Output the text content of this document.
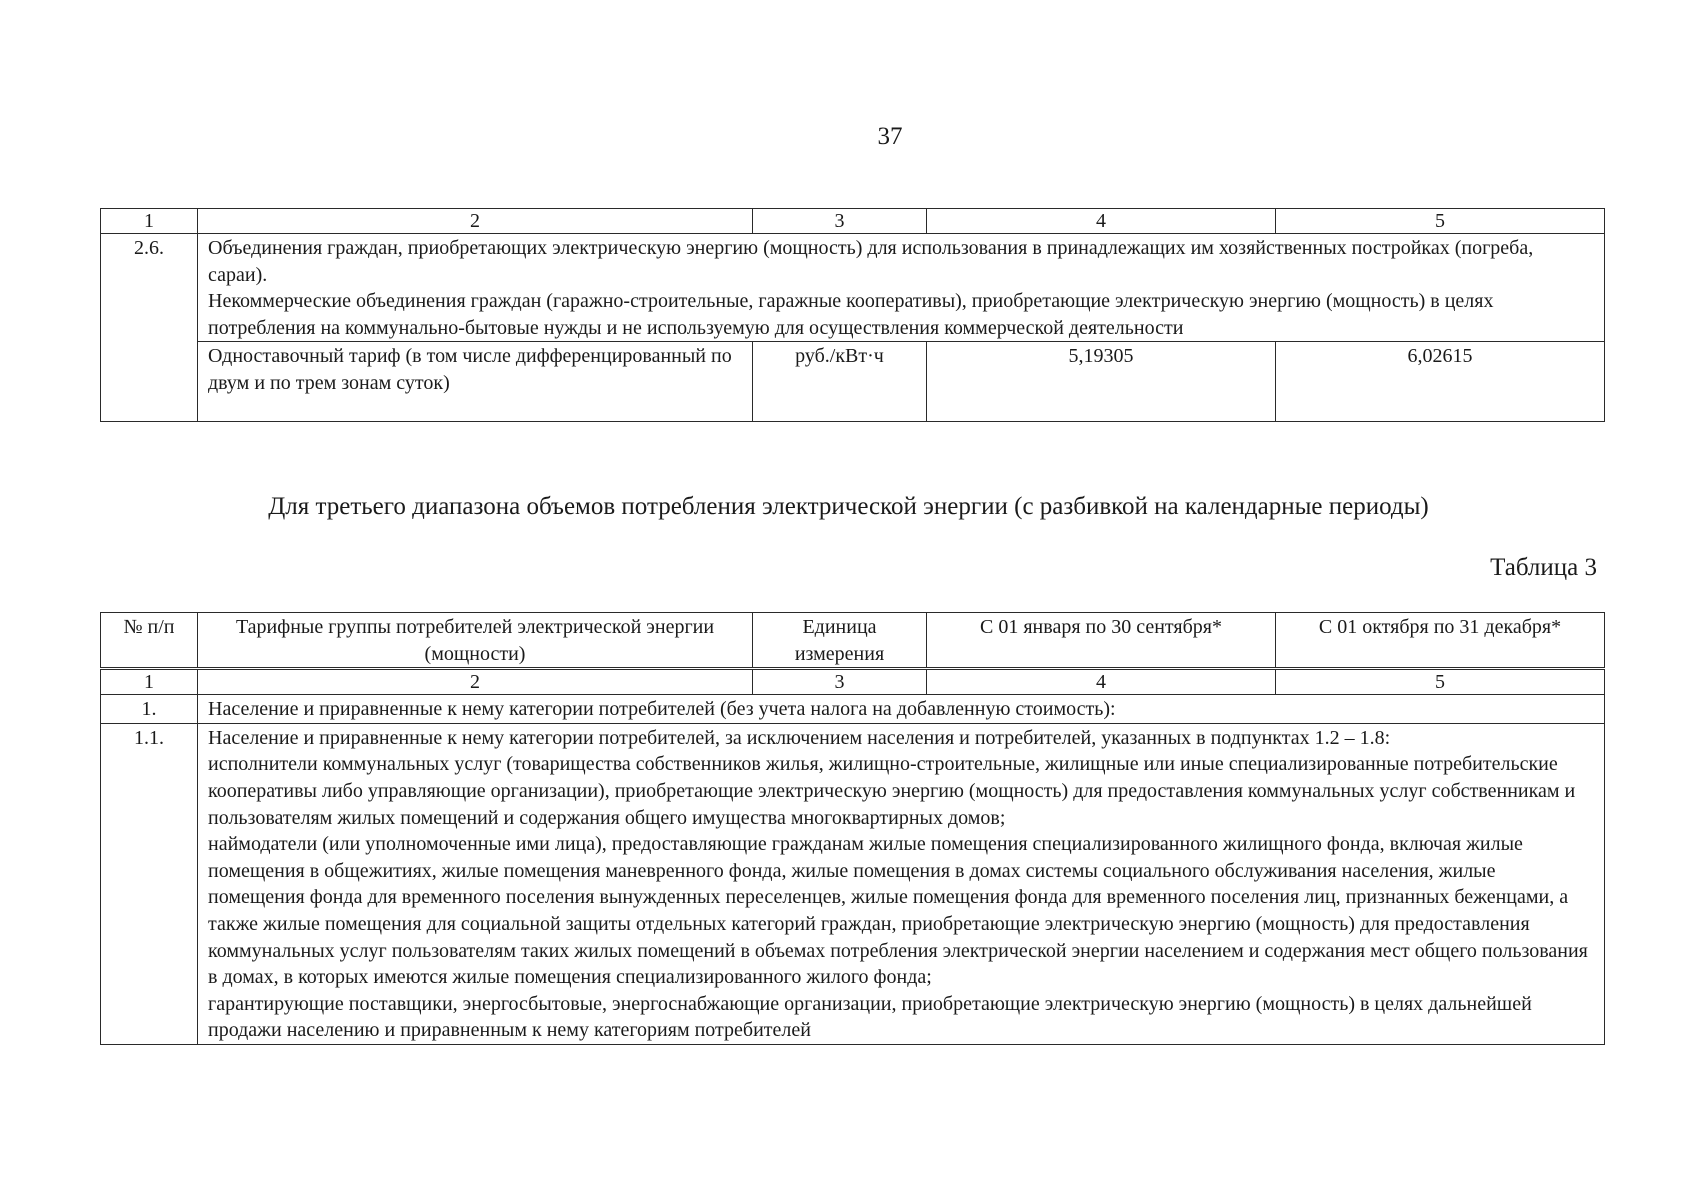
37
1	2	3	4	5
2.6.	Объединения граждан, приобретающих электрическую энергию (мощность) для использования в принадлежащих им хозяйственных постройках (погреба, сараи).
Некоммерческие объединения граждан (гаражно-строительные, гаражные кооперативы), приобретающие электрическую энергию (мощность) в целях потребления на коммунально-бытовые нужды и не используемую для осуществления коммерческой деятельности			

	Одноставочный тариф (в том числе дифференцированный по двум и по трем зонам суток)	руб./кВт·ч	5,19305	6,02615
Для третьего диапазона объемов потребления электрической энергии (с разбивкой на календарные периоды)
Таблица 3
№ п/п	Тарифные группы потребителей электрической энергии (мощности)	Единица измерения	С 01 января по 30 сентября*	С 01 октября по 31 декабря*
1	2	3	4	5
1.	Население и приравненные к нему категории потребителей (без учета налога на добавленную стоимость):			

1.1.	Население и приравненные к нему категории потребителей, за исключением населения и потребителей, указанных в подпунктах 1.2 – 1.8:
исполнители коммунальных услуг (товарищества собственников жилья, жилищно-строительные, жилищные или иные специализированные потребительские кооперативы либо управляющие организации), приобретающие электрическую энергию (мощность) для предоставления коммунальных услуг собственникам и пользователям жилых помещений и содержания общего имущества многоквартирных домов;
наймодатели (или уполномоченные ими лица), предоставляющие гражданам жилые помещения специализированного жилищного фонда, включая жилые помещения в общежитиях, жилые помещения маневренного фонда, жилые помещения в домах системы социального обслуживания населения, жилые помещения фонда для временного поселения вынужденных переселенцев, жилые помещения фонда для временного поселения лиц, признанных беженцами, а также жилые помещения для социальной защиты отдельных категорий граждан, приобретающие электрическую энергию (мощность) для предоставления коммунальных услуг пользователям таких жилых помещений в объемах потребления электрической энергии населением и содержания мест общего пользования в домах, в которых имеются жилые помещения специализированного жилого фонда;
гарантирующие поставщики, энергосбытовые, энергоснабжающие организации, приобретающие электрическую энергию (мощность) в целях дальнейшей продажи населению и приравненным к нему категориям потребителей			
